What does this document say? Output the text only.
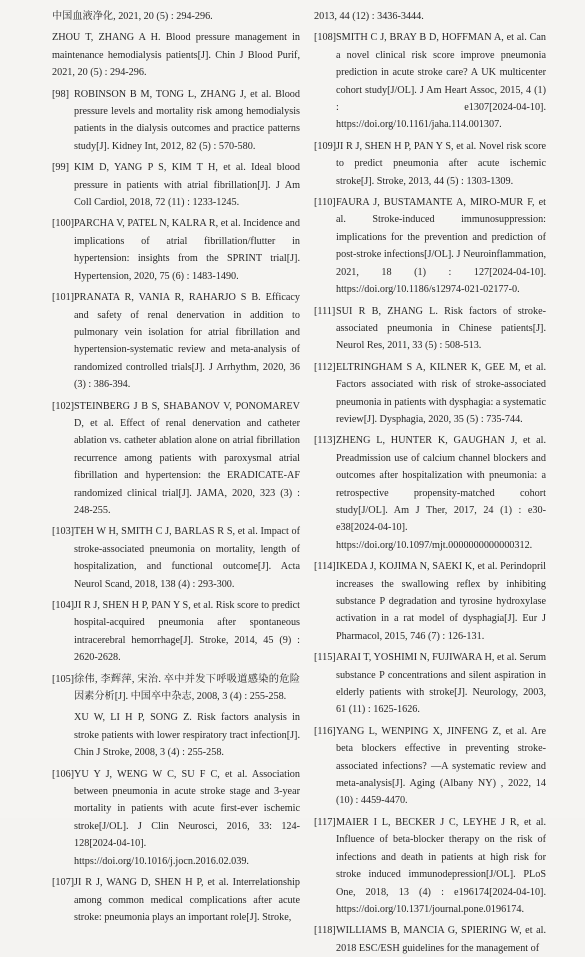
中国血液净化, 2021, 20 (5) : 294-296.

ZHOU T, ZHANG A H. Blood pressure management in maintenance hemodialysis patients[J]. Chin J Blood Purif, 2021, 20 (5) : 294-296.

[98] ROBINSON B M, TONG L, ZHANG J, et al. Blood pressure levels and mortality risk among hemodialysis patients in the dialysis outcomes and practice patterns study[J]. Kidney Int, 2012, 82 (5) : 570-580.

[99] KIM D, YANG P S, KIM T H, et al. Ideal blood pressure in patients with atrial fibrillation[J]. J Am Coll Cardiol, 2018, 72 (11) : 1233-1245.

[100] PARCHA V, PATEL N, KALRA R, et al. Incidence and implications of atrial fibrillation/flutter in hypertension: insights from the SPRINT trial[J]. Hypertension, 2020, 75 (6) : 1483-1490.

[101] PRANATA R, VANIA R, RAHARJO S B. Efficacy and safety of renal denervation in addition to pulmonary vein isolation for atrial fibrillation and hypertension-systematic review and meta-analysis of randomized controlled trials[J]. J Arrhythm, 2020, 36 (3) : 386-394.

[102] STEINBERG J B S, SHABANOV V, PONOMAREV D, et al. Effect of renal denervation and catheter ablation vs. catheter ablation alone on atrial fibrillation recurrence among patients with paroxysmal atrial fibrillation and hypertension: the ERADICATE-AF randomized clinical trial[J]. JAMA, 2020, 323 (3) : 248-255.

[103] TEH W H, SMITH C J, BARLAS R S, et al. Impact of stroke-associated pneumonia on mortality, length of hospitalization, and functional outcome[J]. Acta Neurol Scand, 2018, 138 (4) : 293-300.

[104] JI R J, SHEN H P, PAN Y S, et al. Risk score to predict hospital-acquired pneumonia after spontaneous intracerebral hemorrhage[J]. Stroke, 2014, 45 (9) : 2620-2628.

[105] 徐伟, 李辉萍, 宋治. 卒中并发下呼吸道感染的危险因素分析[J]. 中国卒中杂志, 2008, 3 (4) : 255-258.

XU W, LI H P, SONG Z. Risk factors analysis in stroke patients with lower respiratory tract infection[J]. Chin J Stroke, 2008, 3 (4) : 255-258.

[106] YU Y J, WENG W C, SU F C, et al. Association between pneumonia in acute stroke stage and 3-year mortality in patients with acute first-ever ischemic stroke[J/OL]. J Clin Neurosci, 2016, 33: 124-128[2024-04-10]. https://doi.org/10.1016/j.jocn.2016.02.039.

[107] JI R J, WANG D, SHEN H P, et al. Interrelationship among common medical complications after acute stroke: pneumonia plays an important role[J]. Stroke,

2013, 44 (12) : 3436-3444.

[108] SMITH C J, BRAY B D, HOFFMAN A, et al. Can a novel clinical risk score improve pneumonia prediction in acute stroke care? A UK multicenter cohort study[J/OL]. J Am Heart Assoc, 2015, 4 (1) : e1307[2024-04-10]. https://doi.org/10.1161/jaha.114.001307.

[109] JI R J, SHEN H P, PAN Y S, et al. Novel risk score to predict pneumonia after acute ischemic stroke[J]. Stroke, 2013, 44 (5) : 1303-1309.

[110] FAURA J, BUSTAMANTE A, MIRO-MUR F, et al. Stroke-induced immunosuppression: implications for the prevention and prediction of post-stroke infections[J/OL]. J Neuroinflammation, 2021, 18 (1) : 127[2024-04-10]. https://doi.org/10.1186/s12974-021-02177-0.

[111] SUI R B, ZHANG L. Risk factors of stroke-associated pneumonia in Chinese patients[J]. Neurol Res, 2011, 33 (5) : 508-513.

[112] ELTRINGHAM S A, KILNER K, GEE M, et al. Factors associated with risk of stroke-associated pneumonia in patients with dysphagia: a systematic review[J]. Dysphagia, 2020, 35 (5) : 735-744.

[113] ZHENG L, HUNTER K, GAUGHAN J, et al. Preadmission use of calcium channel blockers and outcomes after hospitalization with pneumonia: a retrospective propensity-matched cohort study[J/OL]. Am J Ther, 2017, 24 (1) : e30-e38[2024-04-10]. https://doi.org/10.1097/mjt.0000000000000312.

[114] IKEDA J, KOJIMA N, SAEKI K, et al. Perindopril increases the swallowing reflex by inhibiting substance P degradation and tyrosine hydroxylase activation in a rat model of dysphagia[J]. Eur J Pharmacol, 2015, 746 (7) : 126-131.

[115] ARAI T, YOSHIMI N, FUJIWARA H, et al. Serum substance P concentrations and silent aspiration in elderly patients with stroke[J]. Neurology, 2003, 61 (11) : 1625-1626.

[116] YANG L, WENPING X, JINFENG Z, et al. Are beta blockers effective in preventing stroke-associated infections? —A systematic review and meta-analysis[J]. Aging (Albany NY) , 2022, 14 (10) : 4459-4470.

[117] MAIER I L, BECKER J C, LEYHE J R, et al. Influence of beta-blocker therapy on the risk of infections and death in patients at high risk for stroke induced immunodepression[J/OL]. PLoS One, 2018, 13 (4) : e196174[2024-04-10]. https://doi.org/10.1371/journal.pone.0196174.

[118] WILLIAMS B, MANCIA G, SPIERING W, et al. 2018 ESC/ESH guidelines for the management of
